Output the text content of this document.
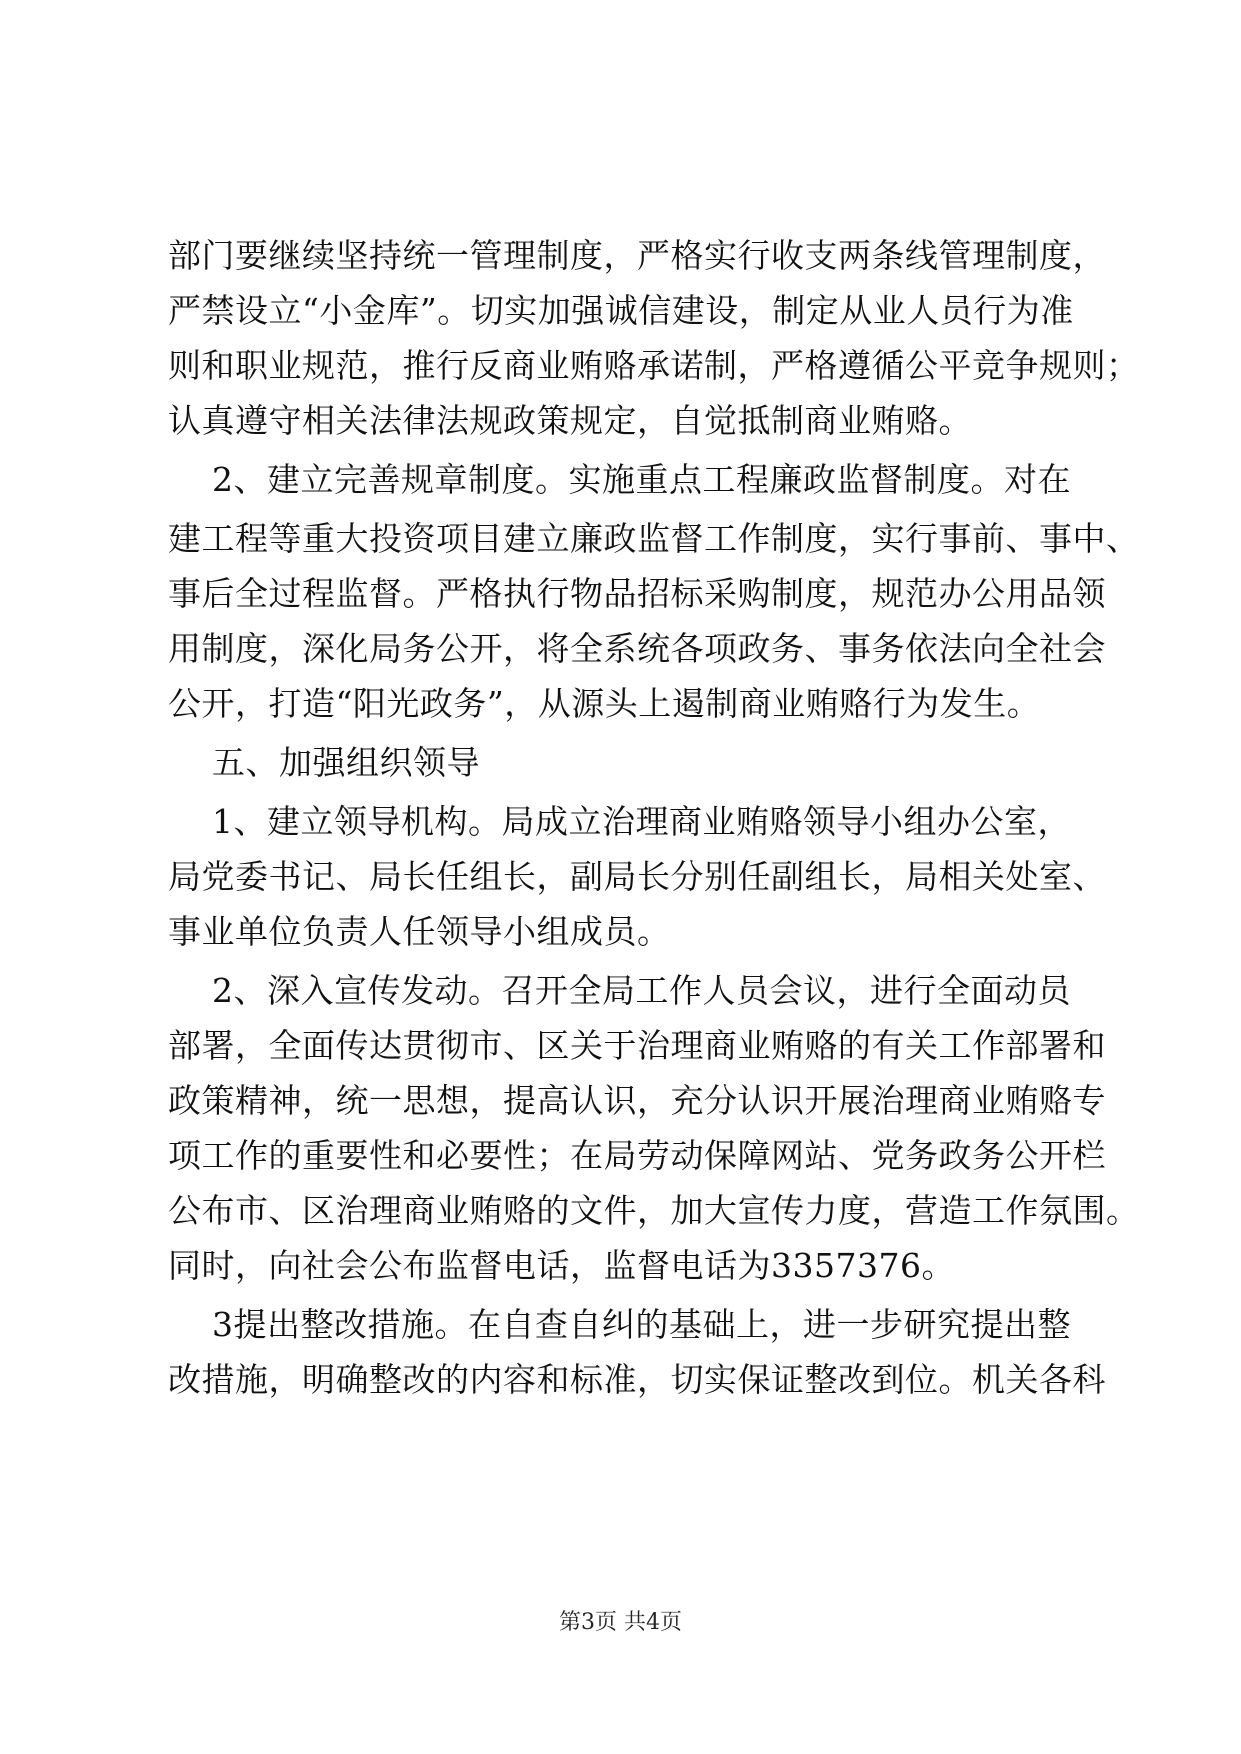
部门要继续坚持统一管理制度，严格实行收支两条线管理制度，
严禁设立“小金库”。切实加强诚信建设，制定从业人员行为准
则和职业规范，推行反商业贿赂承诺制，严格遵循公平竞争规则；
认真遵守相关法律法规政策规定，自觉抵制商业贿赂。
2、建立完善规章制度。实施重点工程廉政监督制度。对在
建工程等重大投资项目建立廉政监督工作制度，实行事前、事中、
事后全过程监督。严格执行物品招标采购制度，规范办公用品领
用制度，深化局务公开，将全系统各项政务、事务依法向全社会
公开，打造“阳光政务”，从源头上遏制商业贿赂行为发生。
五、加强组织领导
1、建立领导机构。局成立治理商业贿赂领导小组办公室，
局党委书记、局长任组长，副局长分别任副组长，局相关处室、
事业单位负责人任领导小组成员。
2、深入宣传发动。召开全局工作人员会议，进行全面动员
部署，全面传达贯彻市、区关于治理商业贿赂的有关工作部署和
政策精神，统一思想，提高认识，充分认识开展治理商业贿赂专
项工作的重要性和必要性；在局劳动保障网站、党务政务公开栏
公布市、区治理商业贿赂的文件，加大宣传力度，营造工作氛围。
同时，向社会公布监督电话，监督电话为3357376。
3提出整改措施。在自查自纠的基础上，进一步研究提出整
改措施，明确整改的内容和标准，切实保证整改到位。机关各科
第3页 共4页
